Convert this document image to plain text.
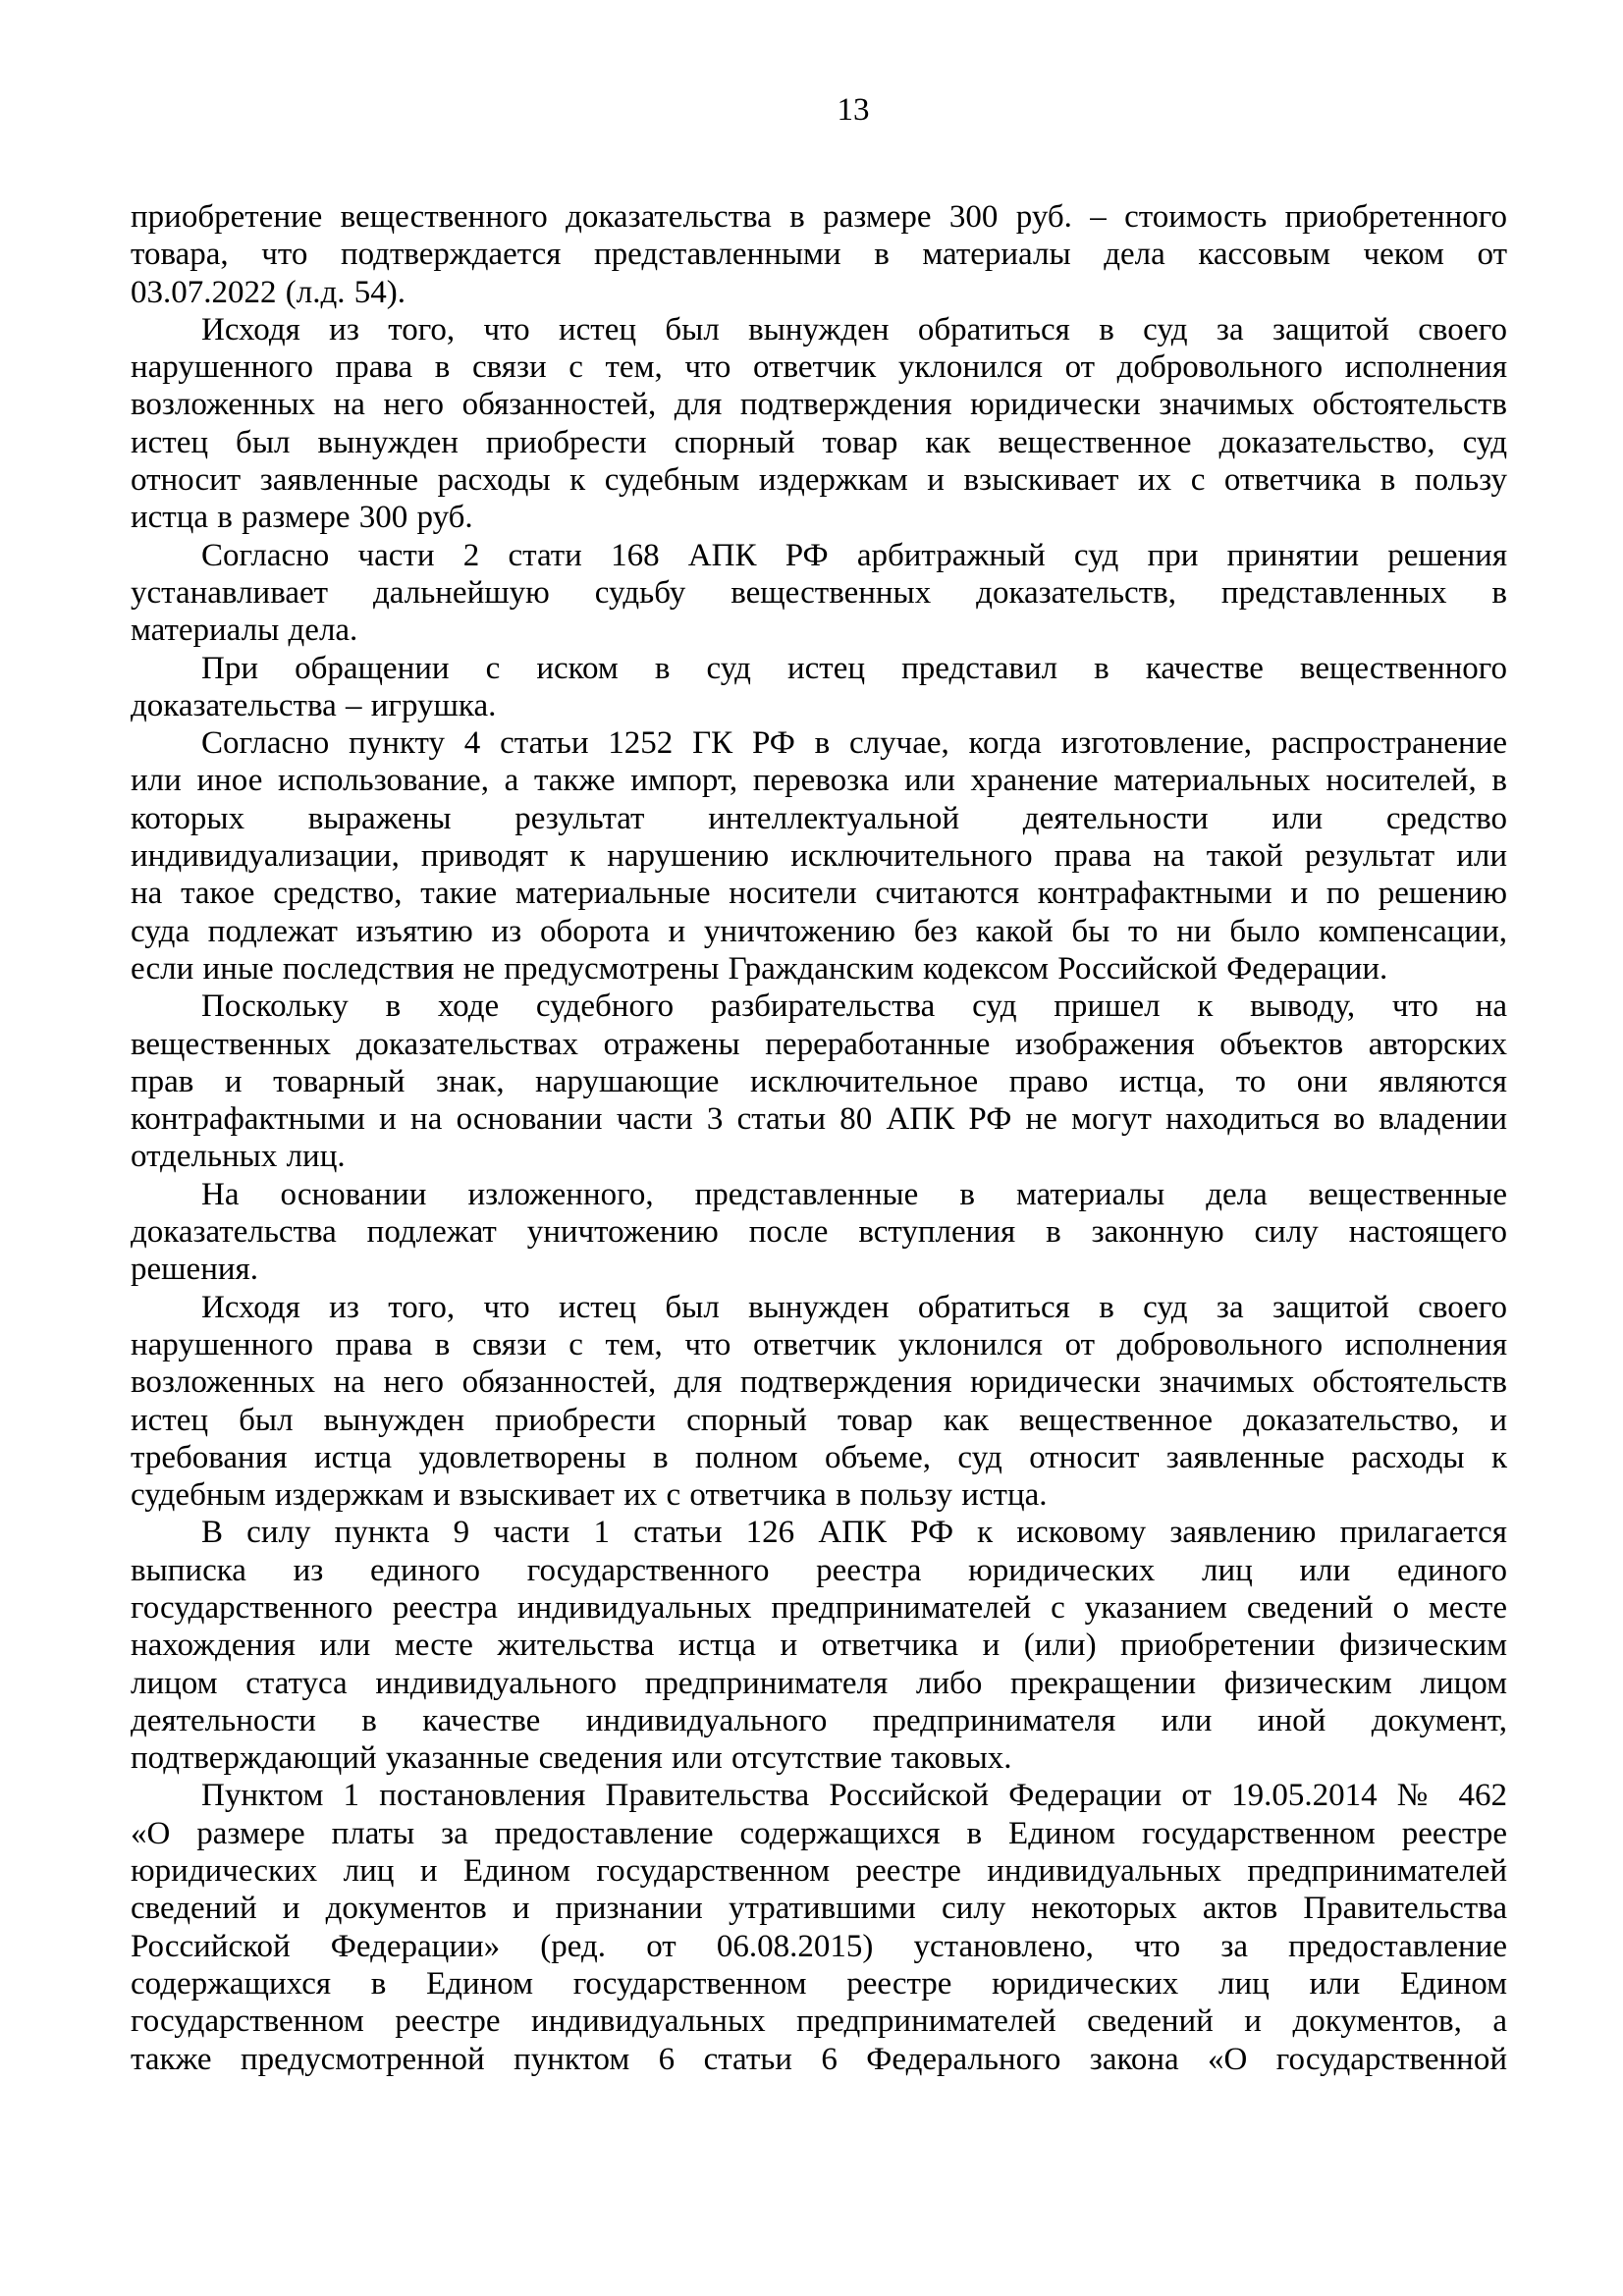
13
приобретение вещественного доказательства в размере 300 руб. – стоимость приобретенного
товара, что подтверждается представленными в материалы дела кассовым чеком от
03.07.2022 (л.д. 54).
Исходя из того, что истец был вынужден обратиться в суд за защитой своего
нарушенного права в связи с тем, что ответчик уклонился от добровольного исполнения
возложенных на него обязанностей, для подтверждения юридически значимых обстоятельств
истец был вынужден приобрести спорный товар как вещественное доказательство, суд
относит заявленные расходы к судебным издержкам и взыскивает их с ответчика в пользу
истца в размере 300 руб.
Согласно части 2 стати 168 АПК РФ арбитражный суд при принятии решения
устанавливает дальнейшую судьбу вещественных доказательств, представленных в
материалы дела.
При обращении с иском в суд истец представил в качестве вещественного
доказательства – игрушка.
Согласно пункту 4 статьи 1252 ГК РФ в случае, когда изготовление, распространение
или иное использование, а также импорт, перевозка или хранение материальных носителей, в
которых выражены результат интеллектуальной деятельности или средство
индивидуализации, приводят к нарушению исключительного права на такой результат или
на такое средство, такие материальные носители считаются контрафактными и по решению
суда подлежат изъятию из оборота и уничтожению без какой бы то ни было компенсации,
если иные последствия не предусмотрены Гражданским кодексом Российской Федерации.
Поскольку в ходе судебного разбирательства суд пришел к выводу, что на
вещественных доказательствах отражены переработанные изображения объектов авторских
прав и товарный знак, нарушающие исключительное право истца, то они являются
контрафактными и на основании части 3 статьи 80 АПК РФ не могут находиться во владении
отдельных лиц.
На основании изложенного, представленные в материалы дела вещественные
доказательства подлежат уничтожению после вступления в законную силу настоящего
решения.
Исходя из того, что истец был вынужден обратиться в суд за защитой своего
нарушенного права в связи с тем, что ответчик уклонился от добровольного исполнения
возложенных на него обязанностей, для подтверждения юридически значимых обстоятельств
истец был вынужден приобрести спорный товар как вещественное доказательство, и
требования истца удовлетворены в полном объеме, суд относит заявленные расходы к
судебным издержкам и взыскивает их с ответчика в пользу истца.
В силу пункта 9 части 1 статьи 126 АПК РФ к исковому заявлению прилагается
выписка из единого государственного реестра юридических лиц или единого
государственного реестра индивидуальных предпринимателей с указанием сведений о месте
нахождения или месте жительства истца и ответчика и (или) приобретении физическим
лицом статуса индивидуального предпринимателя либо прекращении физическим лицом
деятельности в качестве индивидуального предпринимателя или иной документ,
подтверждающий указанные сведения или отсутствие таковых.
Пунктом 1 постановления Правительства Российской Федерации от 19.05.2014 № 462
«О размере платы за предоставление содержащихся в Едином государственном реестре
юридических лиц и Едином государственном реестре индивидуальных предпринимателей
сведений и документов и признании утратившими силу некоторых актов Правительства
Российской Федерации» (ред. от 06.08.2015) установлено, что за предоставление
содержащихся в Едином государственном реестре юридических лиц или Едином
государственном реестре индивидуальных предпринимателей сведений и документов, а
также предусмотренной пунктом 6 статьи 6 Федерального закона «О государственной
